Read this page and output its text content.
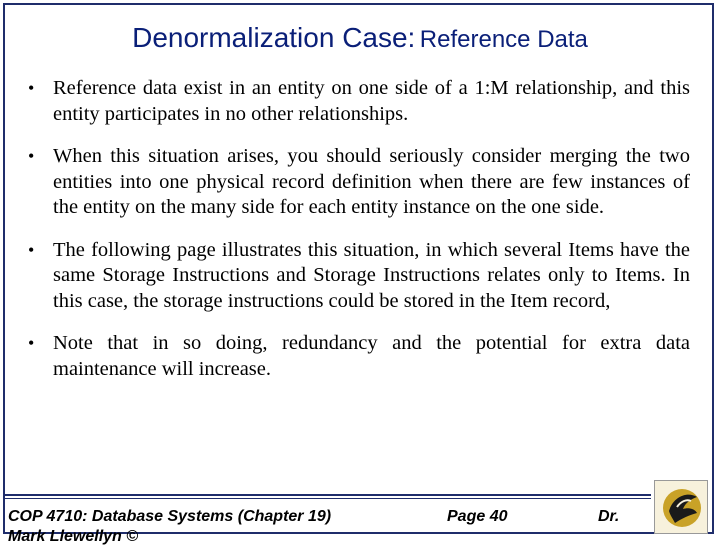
Denormalization Case: Reference Data
• Reference data exist in an entity on one side of a 1:M relationship, and this entity participates in no other relationships.
• When this situation arises, you should seriously consider merging the two entities into one physical record definition when there are few instances of the entity on the many side for each entity instance on the one side.
• The following page illustrates this situation, in which several Items have the same Storage Instructions and Storage Instructions relates only to Items. In this case, the storage instructions could be stored in the Item record,
• Note that in so doing, redundancy and the potential for extra data maintenance will increase.
COP 4710: Database Systems (Chapter 19)	Page 40	Dr.
Mark Llewellyn ©
